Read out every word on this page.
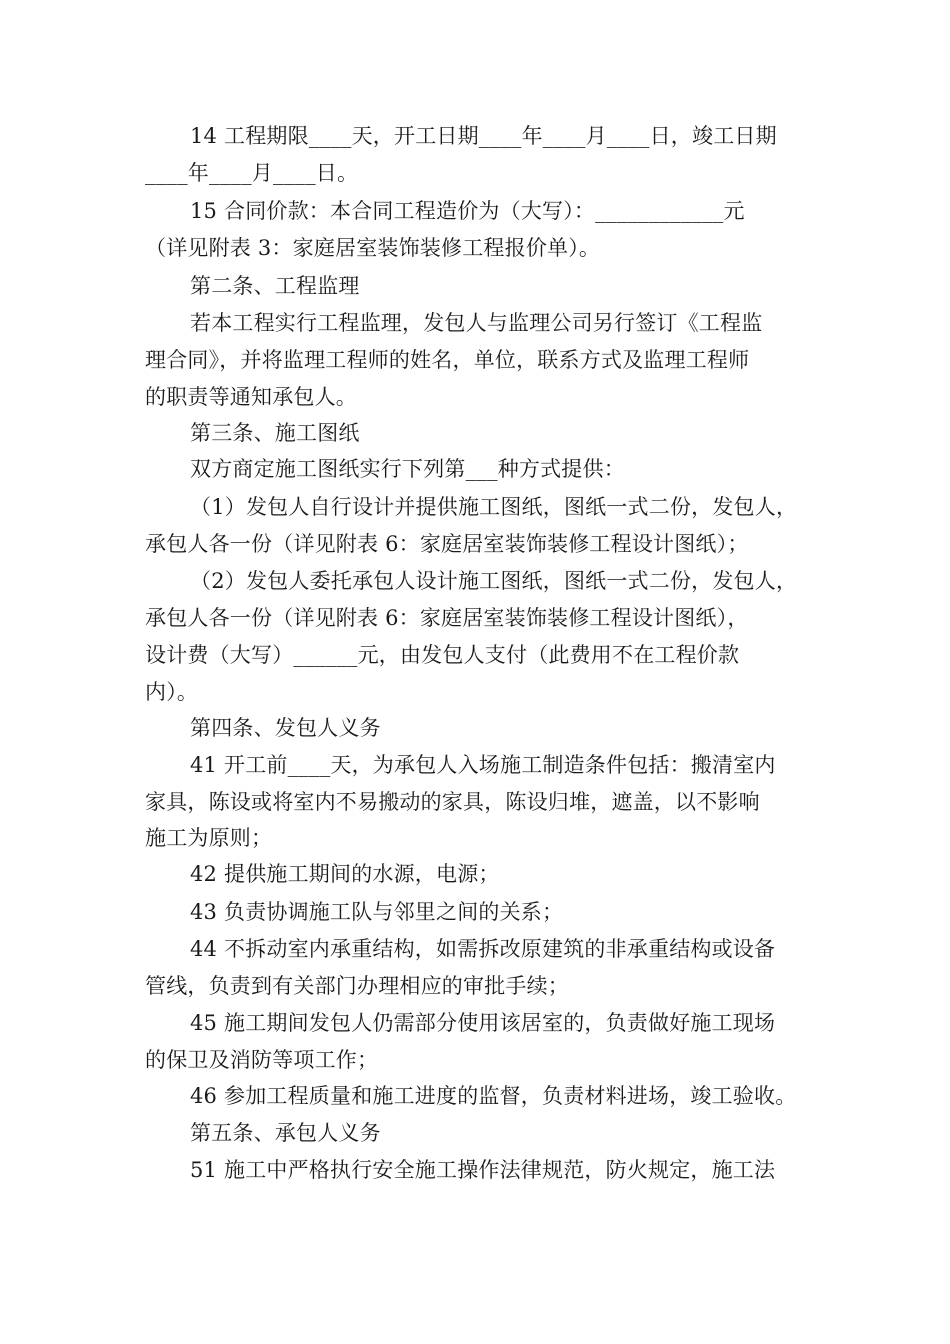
14 工程期限____天，开工日期____年____月____日，竣工日期
____年____月____日。
15 合同价款：本合同工程造价为（大写）：____________元
（详见附表 3：家庭居室装饰装修工程报价单）。
第二条、工程监理
若本工程实行工程监理，发包人与监理公司另行签订《工程监
理合同》，并将监理工程师的姓名，单位，联系方式及监理工程师
的职责等通知承包人。
第三条、施工图纸
双方商定施工图纸实行下列第___种方式提供：
（1）发包人自行设计并提供施工图纸，图纸一式二份，发包人，
承包人各一份（详见附表 6：家庭居室装饰装修工程设计图纸）；
（2）发包人委托承包人设计施工图纸，图纸一式二份，发包人，
承包人各一份（详见附表 6：家庭居室装饰装修工程设计图纸），
设计费（大写）______元，由发包人支付（此费用不在工程价款
内）。
第四条、发包人义务
41 开工前____天，为承包人入场施工制造条件包括：搬清室内
家具，陈设或将室内不易搬动的家具，陈设归堆，遮盖，以不影响
施工为原则；
42 提供施工期间的水源，电源；
43 负责协调施工队与邻里之间的关系；
44 不拆动室内承重结构，如需拆改原建筑的非承重结构或设备
管线，负责到有关部门办理相应的审批手续；
45 施工期间发包人仍需部分使用该居室的，负责做好施工现场
的保卫及消防等项工作；
46 参加工程质量和施工进度的监督，负责材料进场，竣工验收。
第五条、承包人义务
51 施工中严格执行安全施工操作法律规范，防火规定，施工法
